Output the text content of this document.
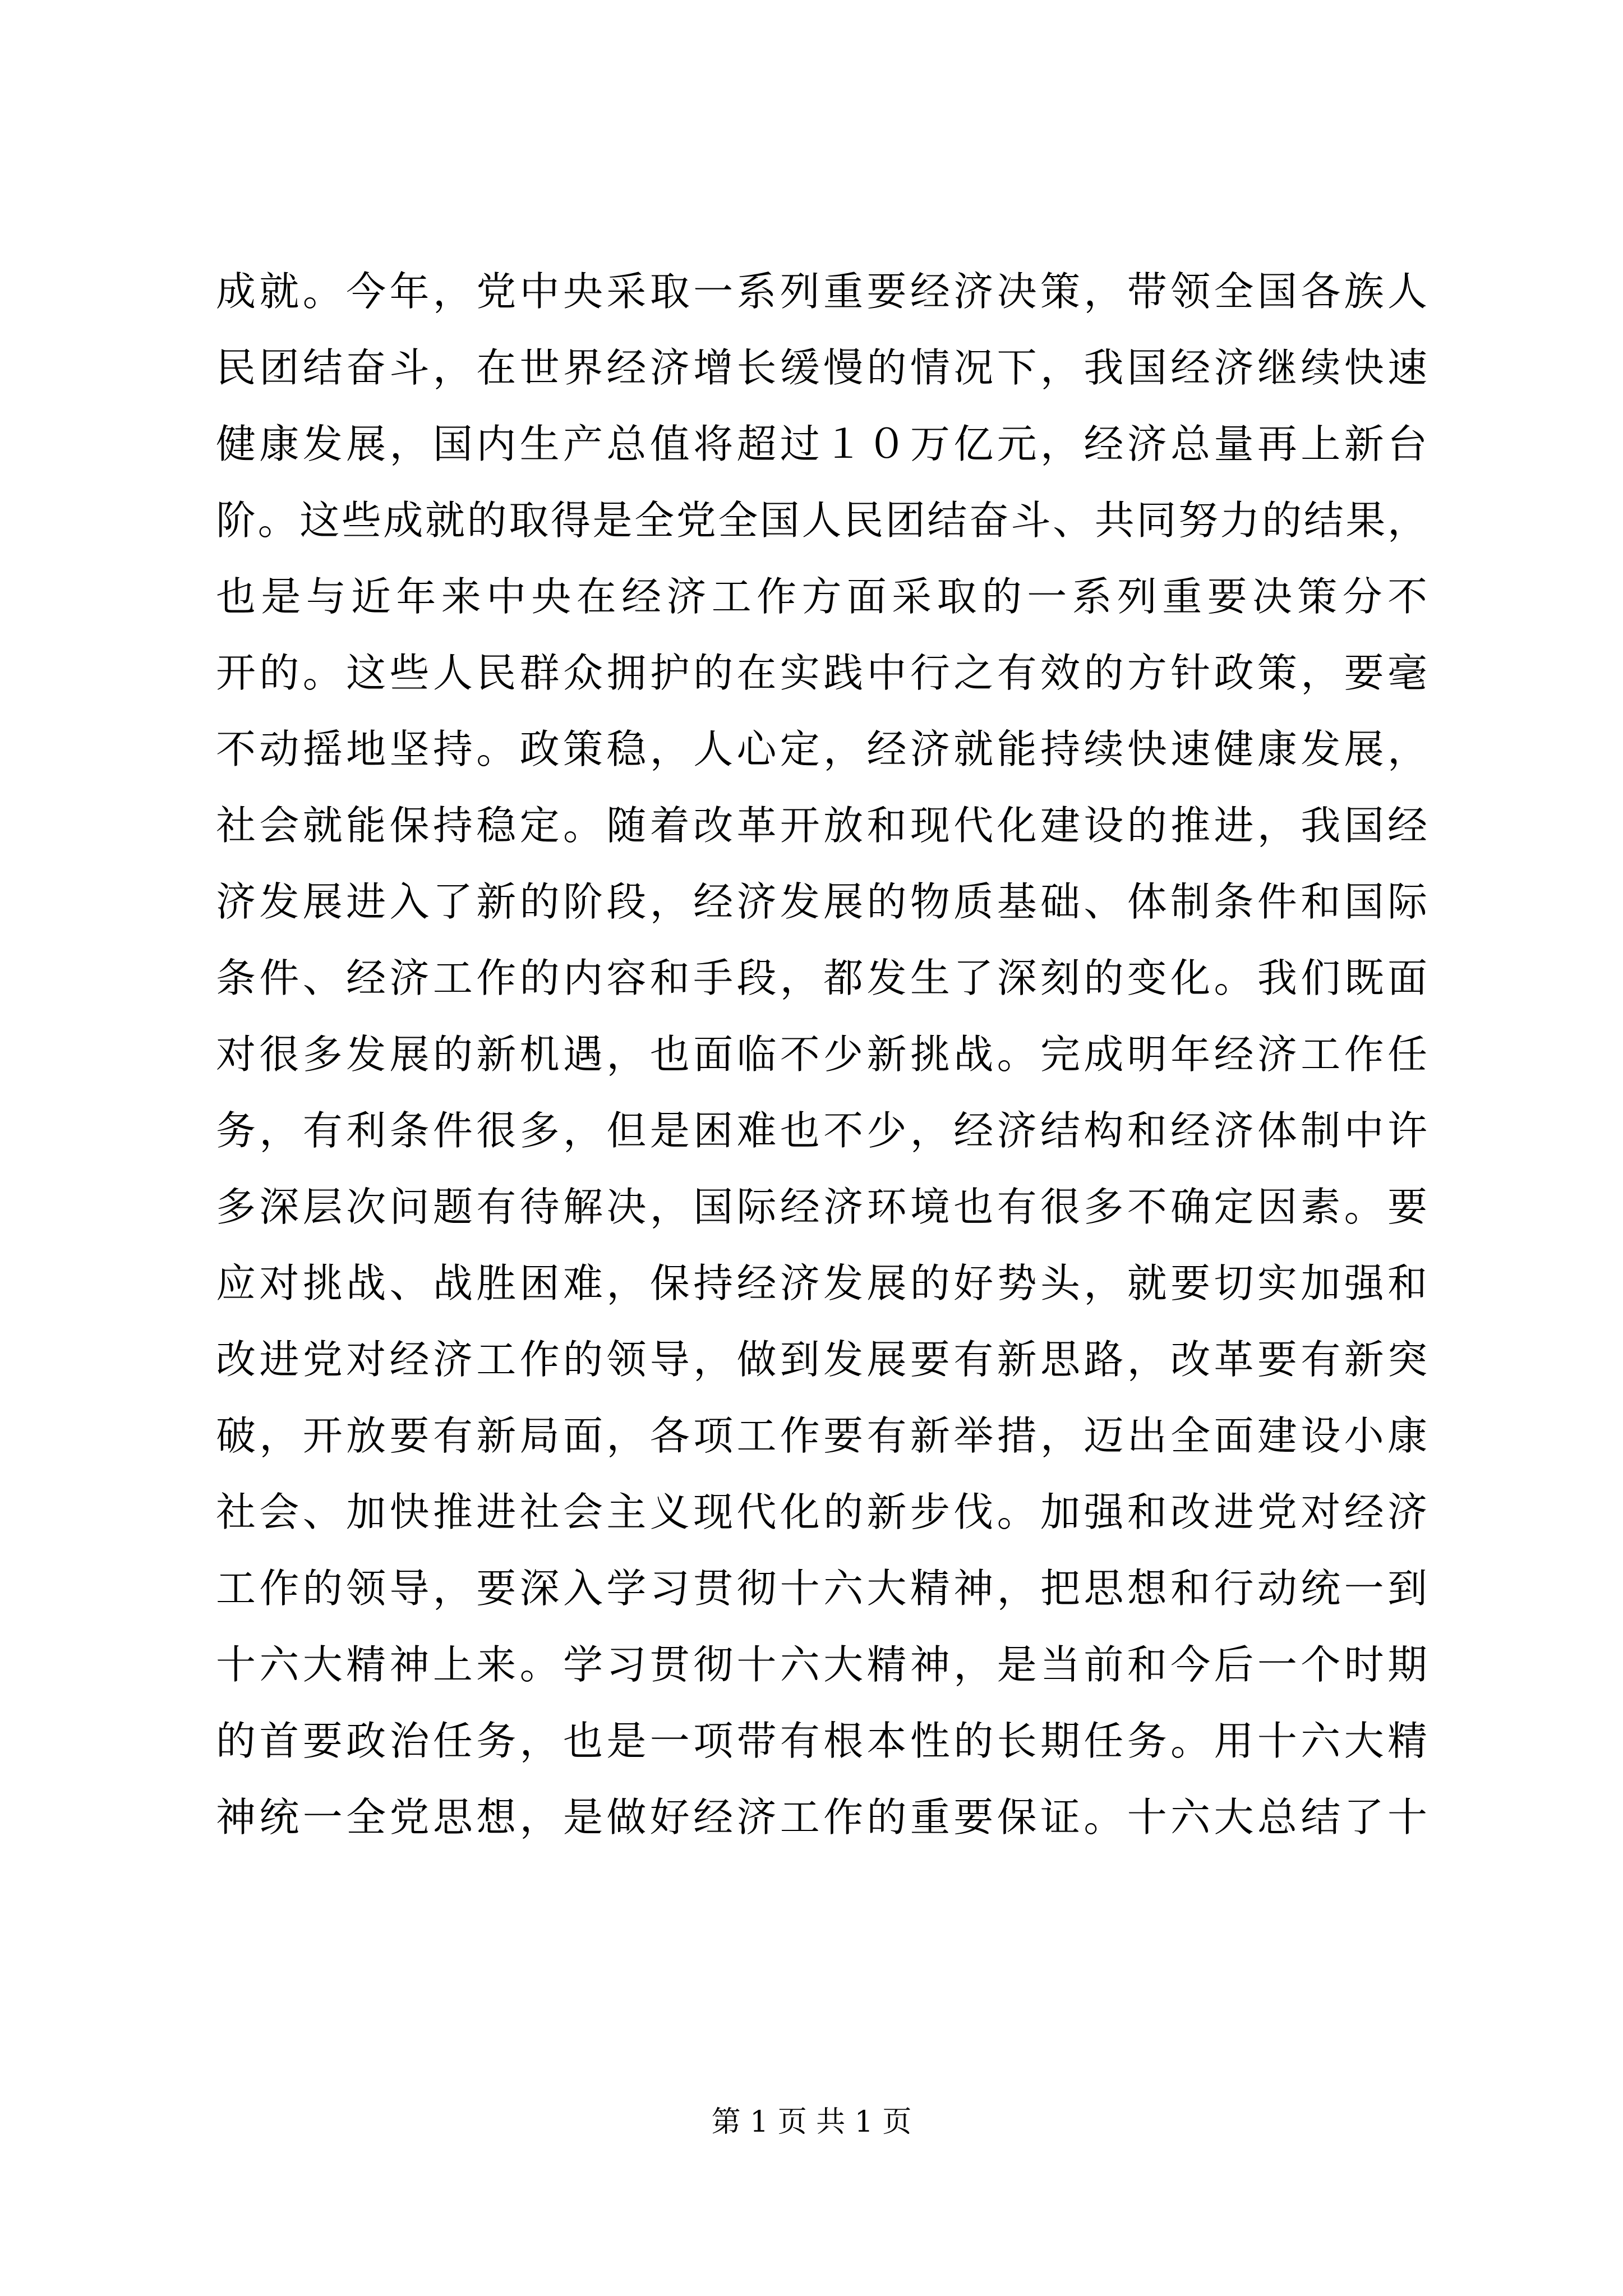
成就。今年，党中央采取一系列重要经济决策，带领全国各族人
民团结奋斗，在世界经济增长缓慢的情况下，我国经济继续快速
健康发展，国内生产总值将超过１０万亿元，经济总量再上新台
阶。这些成就的取得是全党全国人民团结奋斗、共同努力的结果，
也是与近年来中央在经济工作方面采取的一系列重要决策分不
开的。这些人民群众拥护的在实践中行之有效的方针政策，要毫
不动摇地坚持。政策稳，人心定，经济就能持续快速健康发展，
社会就能保持稳定。随着改革开放和现代化建设的推进，我国经
济发展进入了新的阶段，经济发展的物质基础、体制条件和国际
条件、经济工作的内容和手段，都发生了深刻的变化。我们既面
对很多发展的新机遇，也面临不少新挑战。完成明年经济工作任
务，有利条件很多，但是困难也不少，经济结构和经济体制中许
多深层次问题有待解决，国际经济环境也有很多不确定因素。要
应对挑战、战胜困难，保持经济发展的好势头，就要切实加强和
改进党对经济工作的领导，做到发展要有新思路，改革要有新突
破，开放要有新局面，各项工作要有新举措，迈出全面建设小康
社会、加快推进社会主义现代化的新步伐。加强和改进党对经济
工作的领导，要深入学习贯彻十六大精神，把思想和行动统一到
十六大精神上来。学习贯彻十六大精神，是当前和今后一个时期
的首要政治任务，也是一项带有根本性的长期任务。用十六大精
神统一全党思想，是做好经济工作的重要保证。十六大总结了十
第 1 页 共 1 页
